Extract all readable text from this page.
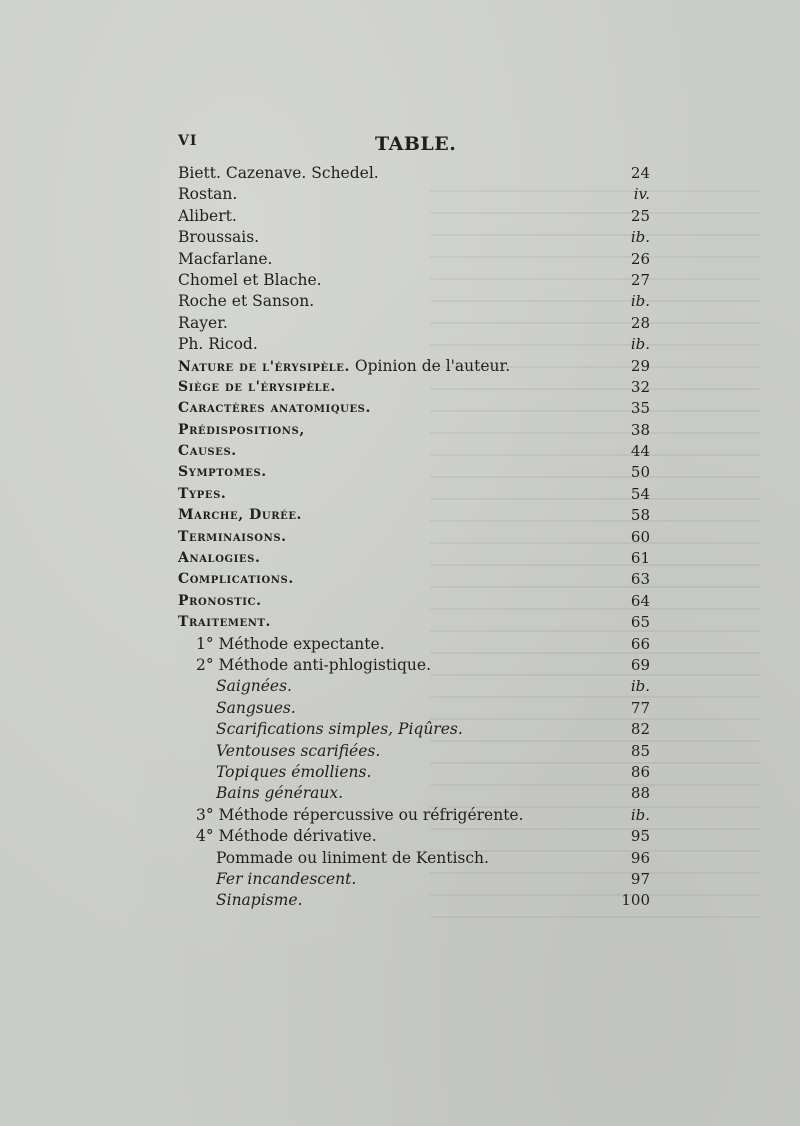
VI	TABLE.
Biett. Cazenave. Schedel.	24
Rostan.	iv.
Alibert.	25
Broussais.	ib.
Macfarlane.	26
Chomel et Blache.	27
Roche et Sanson.	ib.
Rayer.	28
Ph. Ricod.	ib.
Nature de l'érysipèle. Opinion de l'auteur.	29
Siège de l'érysipèle.	32
Caractères anatomiques.	35
Prédispositions,	38
Causes.	44
Symptomes.	50
Types.	54
Marche, Durée.	58
Terminaisons.	60
Analogies.	61
Complications.	63
Pronostic.	64
Traitement.	65
1° Méthode expectante.	66
2° Méthode anti-phlogistique.	69
Saignées.	ib.
Sangsues.	77
Scarifications simples, Piqûres.	82
Ventouses scarifiées.	85
Topiques émolliens.	86
Bains généraux.	88
3° Méthode répercussive ou réfrigérente.	ib.
4° Méthode dérivative.	95
Pommade ou liniment de Kentisch.	96
Fer incandescent.	97
Sinapisme.	100
